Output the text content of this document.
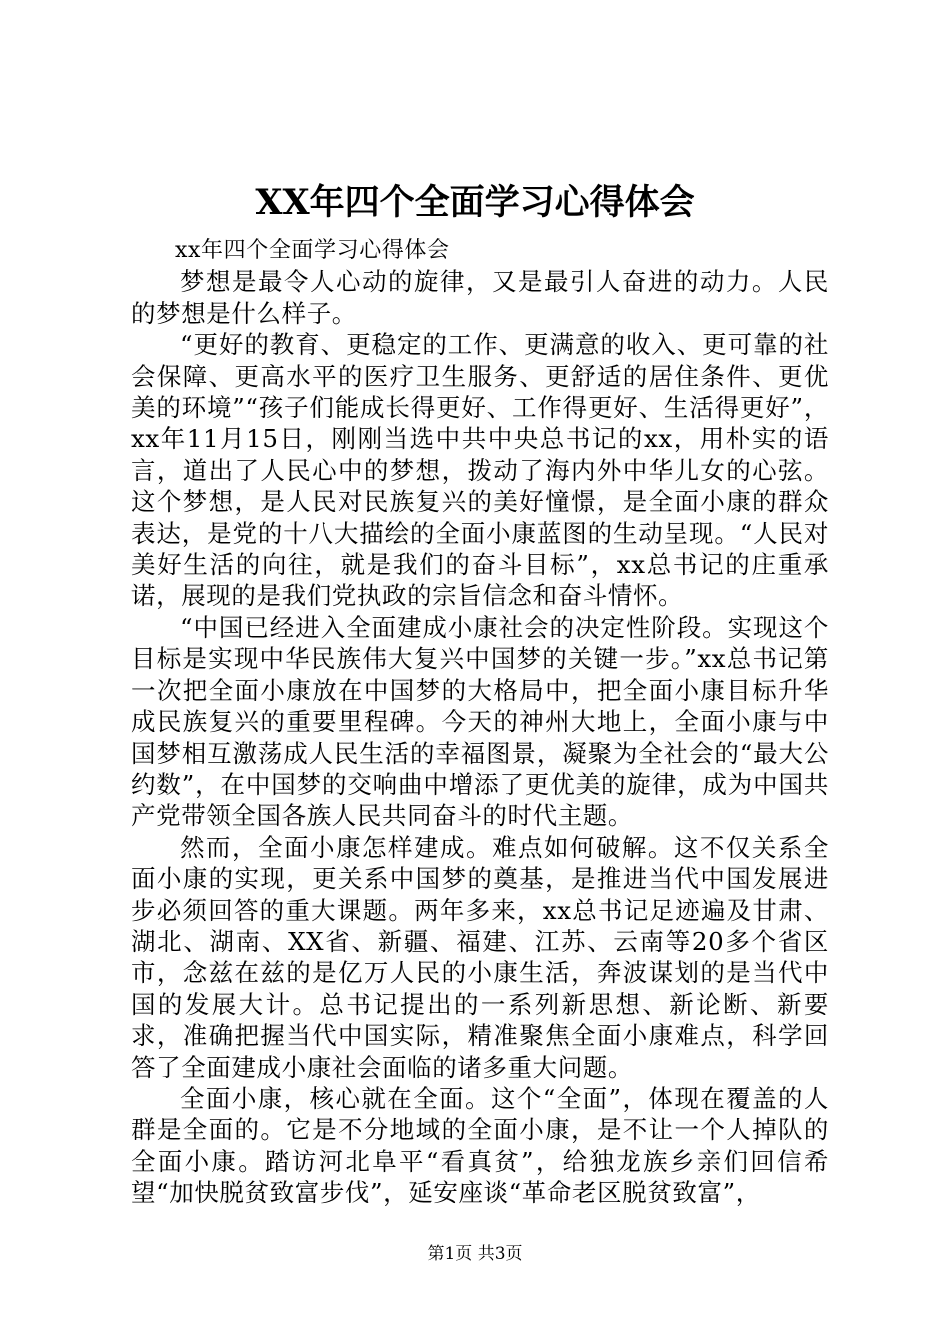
XX年四个全面学习心得体会

xx年四个全面学习心得体会

梦想是最令人心动的旋律，又是最引人奋进的动力。人民的梦想是什么样子。

“更好的教育、更稳定的工作、更满意的收入、更可靠的社会保障、更高水平的医疗卫生服务、更舒适的居住条件、更优美的环境”“孩子们能成长得更好、工作得更好、生活得更好”，xx年11月15日，刚刚当选中共中央总书记的xx，用朴实的语言，道出了人民心中的梦想，拨动了海内外中华儿女的心弦。这个梦想，是人民对民族复兴的美好憧憬，是全面小康的群众表达，是党的十八大描绘的全面小康蓝图的生动呈现。“人民对美好生活的向往，就是我们的奋斗目标”，xx总书记的庄重承诺，展现的是我们党执政的宗旨信念和奋斗情怀。

“中国已经进入全面建成小康社会的决定性阶段。实现这个目标是实现中华民族伟大复兴中国梦的关键一步。”xx总书记第一次把全面小康放在中国梦的大格局中，把全面小康目标升华成民族复兴的重要里程碑。今天的神州大地上，全面小康与中国梦相互激荡成人民生活的幸福图景，凝聚为全社会的“最大公约数”，在中国梦的交响曲中增添了更优美的旋律，成为中国共产党带领全国各族人民共同奋斗的时代主题。

然而，全面小康怎样建成。难点如何破解。这不仅关系全面小康的实现，更关系中国梦的奠基，是推进当代中国发展进步必须回答的重大课题。两年多来，xx总书记足迹遍及甘肃、湖北、湖南、XX省、新疆、福建、江苏、云南等20多个省区市，念兹在兹的是亿万人民的小康生活，奔波谋划的是当代中国的发展大计。总书记提出的一系列新思想、新论断、新要求，准确把握当代中国实际，精准聚焦全面小康难点，科学回答了全面建成小康社会面临的诸多重大问题。

全面小康，核心就在全面。这个“全面”，体现在覆盖的人群是全面的。它是不分地域的全面小康，是不让一个人掉队的全面小康。踏访河北阜平“看真贫”，给独龙族乡亲们回信希望“加快脱贫致富步伐”，延安座谈“革命老区脱贫致富”，

第1页 共3页
